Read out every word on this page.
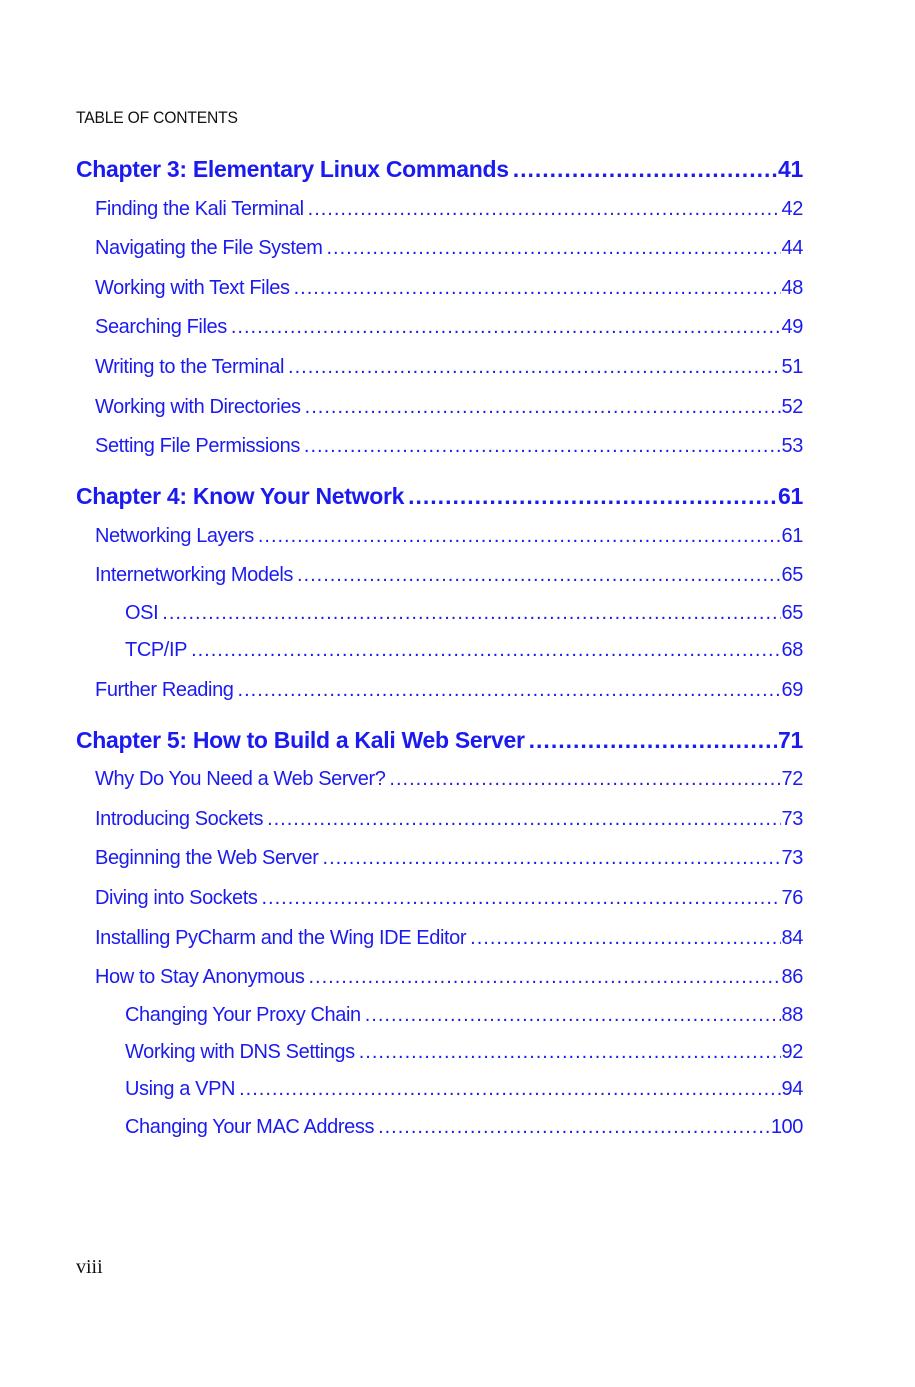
TABLE OF CONTENTS
Chapter 3: Elementary Linux Commands .....	41
Finding the Kali Terminal .....	42
Navigating the File System .....	44
Working with Text Files .....	48
Searching Files .....	49
Writing to the Terminal .....	51
Working with Directories .....	52
Setting File Permissions .....	53
Chapter 4: Know Your Network .....	61
Networking Layers .....	61
Internetworking Models .....	65
OSI .....	65
TCP/IP .....	68
Further Reading .....	69
Chapter 5: How to Build a Kali Web Server .....	71
Why Do You Need a Web Server? .....	72
Introducing Sockets .....	73
Beginning the Web Server .....	73
Diving into Sockets .....	76
Installing PyCharm and the Wing IDE Editor .....	84
How to Stay Anonymous .....	86
Changing Your Proxy Chain .....	88
Working with DNS Settings .....	92
Using a VPN .....	94
Changing Your MAC Address .....	100
viii
